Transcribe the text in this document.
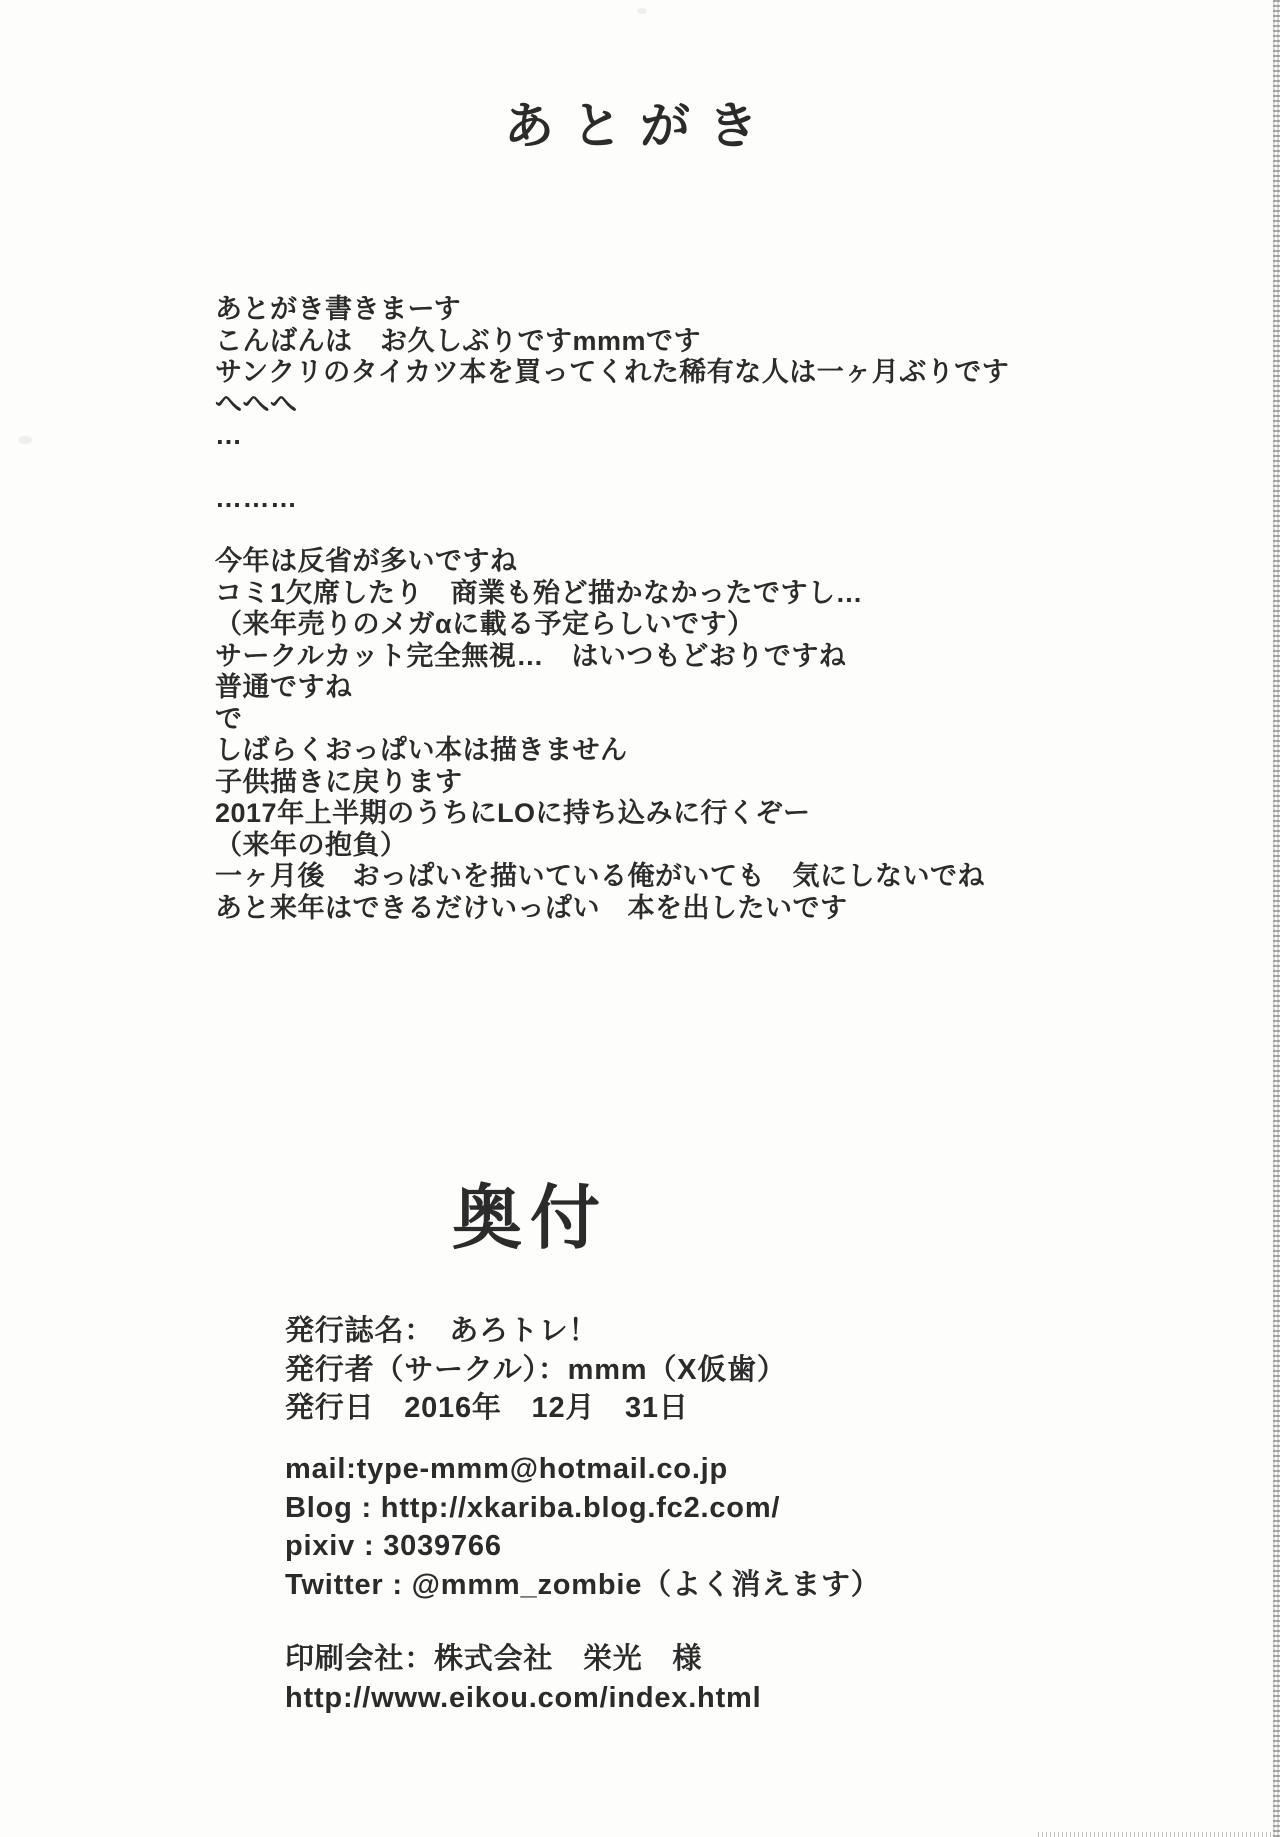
あとがき
あとがき書きまーす
こんばんは　お久しぶりですmmmです
サンクリのタイカツ本を買ってくれた稀有な人は一ヶ月ぶりです
へへへ
…
………
今年は反省が多いですね
コミ1欠席したり　商業も殆ど描かなかったですし…
（来年売りのメガαに載る予定らしいです）
サークルカット完全無視…　はいつもどおりですね
普通ですね
で
しばらくおっぱい本は描きません
子供描きに戻ります
2017年上半期のうちにLOに持ち込みに行くぞー
（来年の抱負）
一ヶ月後　おっぱいを描いている俺がいても　気にしないでね
あと来年はできるだけいっぱい　本を出したいです
奥付
発行誌名：　あろトレ！
発行者（サークル）：mmm（X仮歯）
発行日　2016年　12月　31日
mail:type-mmm@hotmail.co.jp
Blog : http://xkariba.blog.fc2.com/
pixiv : 3039766
Twitter : @mmm_zombie（よく消えます）
印刷会社：株式会社　栄光　様
http://www.eikou.com/index.html
